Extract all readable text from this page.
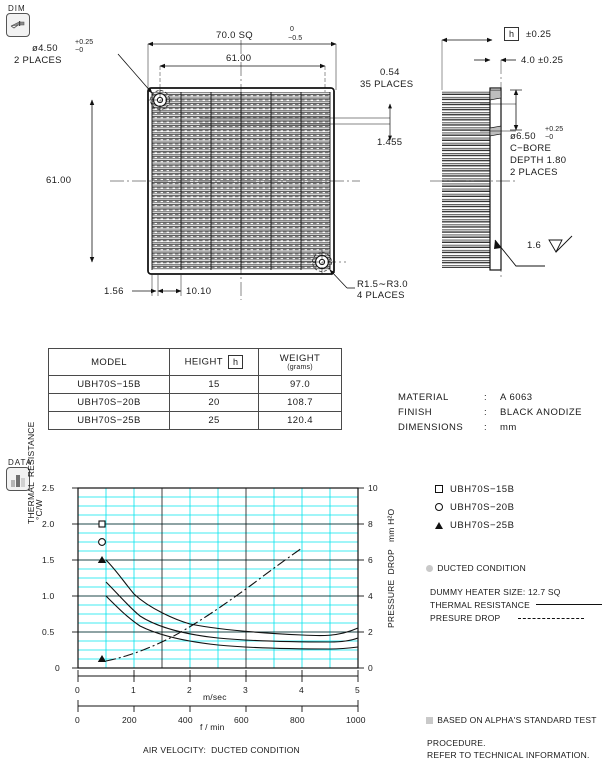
DIM
70.0 SQ
0
−0.5
61.00
61.00
ø4.50
+0.25
−0
2 PLACES
0.54
35 PLACES
1.455
1.56	10.10
R1.5∼R3.0
4 PLACES
h	±0.25
4.0 ±0.25
ø6.50
+0.25
−0
C−BORE
DEPTH 1.80
2 PLACES
1.6
MODEL	HEIGHT h	WEIGHT
(grams)

UBH70S−15B	15	97.0
UBH70S−20B	20	108.7
UBH70S−25B	25	120.4
MATERIAL	:	A 6063
FINISH	:	BLACK ANODIZE
DIMENSIONS	:	mm
DATA
2.5
2.0
1.5
1.0
0.5
0
10
8
6
4
2
0
THERMAL  RESISTANCE
°C/W
PRESSURE  DROP
mm H²O
0	1	2	3	4	5
m/sec
0	200	400	600	800	1000
f / min
AIR VELOCITY:  DUCTED CONDITION
UBH70S−15B
UBH70S−20B
UBH70S−25B

DUCTED CONDITION

DUMMY HEATER SIZE: 12.7 SQ
THERMAL RESISTANCE
PRESURE DROP

BASED ON ALPHA'S STANDARD TEST

PROCEDURE.
REFER TO TECHNICAL INFORMATION.
